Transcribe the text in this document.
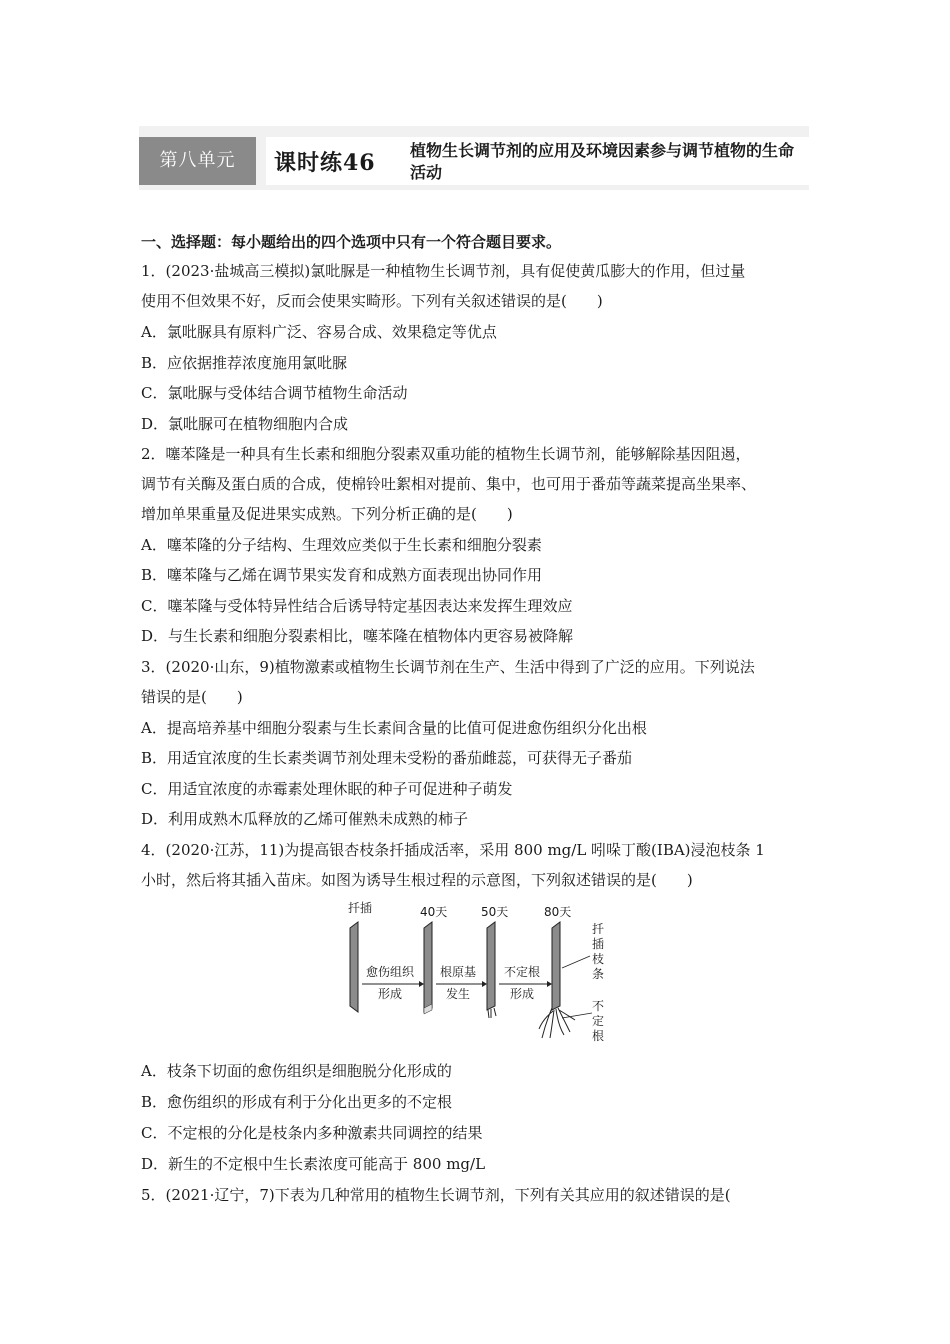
第八单元	课时练46 植物生长调节剂的应用及环境因素参与调节植物的生命活动
一、选择题：每小题给出的四个选项中只有一个符合题目要求。
1．(2023·盐城高三模拟)氯吡脲是一种植物生长调节剂，具有促使黄瓜膨大的作用，但过量
使用不但效果不好，反而会使果实畸形。下列有关叙述错误的是(　　)
A．氯吡脲具有原料广泛、容易合成、效果稳定等优点
B．应依据推荐浓度施用氯吡脲
C．氯吡脲与受体结合调节植物生命活动
D．氯吡脲可在植物细胞内合成
2．噻苯隆是一种具有生长素和细胞分裂素双重功能的植物生长调节剂，能够解除基因阻遏，
调节有关酶及蛋白质的合成，使棉铃吐絮相对提前、集中，也可用于番茄等蔬菜提高坐果率、
增加单果重量及促进果实成熟。下列分析正确的是(　　)
A．噻苯隆的分子结构、生理效应类似于生长素和细胞分裂素
B．噻苯隆与乙烯在调节果实发育和成熟方面表现出协同作用
C．噻苯隆与受体特异性结合后诱导特定基因表达来发挥生理效应
D．与生长素和细胞分裂素相比，噻苯隆在植物体内更容易被降解
3．(2020·山东，9)植物激素或植物生长调节剂在生产、生活中得到了广泛的应用。下列说法
错误的是(　　)
A．提高培养基中细胞分裂素与生长素间含量的比值可促进愈伤组织分化出根
B．用适宜浓度的生长素类调节剂处理未受粉的番茄雌蕊，可获得无子番茄
C．用适宜浓度的赤霉素处理休眠的种子可促进种子萌发
D．利用成熟木瓜释放的乙烯可催熟未成熟的柿子
4．(2020·江苏，11)为提高银杏枝条扦插成活率，采用 800 mg/L 吲哚丁酸(IBA)浸泡枝条 1
小时，然后将其插入苗床。如图为诱导生根过程的示意图，下列叙述错误的是(　　)
扦插	40天	50天	80天
愈伤组织
形成
根原基
发生
不定根
形成
扦
插
枝
条
不
定
根
A．枝条下切面的愈伤组织是细胞脱分化形成的
B．愈伤组织的形成有利于分化出更多的不定根
C．不定根的分化是枝条内多种激素共同调控的结果
D．新生的不定根中生长素浓度可能高于 800 mg/L
5．(2021·辽宁，7)下表为几种常用的植物生长调节剂，下列有关其应用的叙述错误的是(
